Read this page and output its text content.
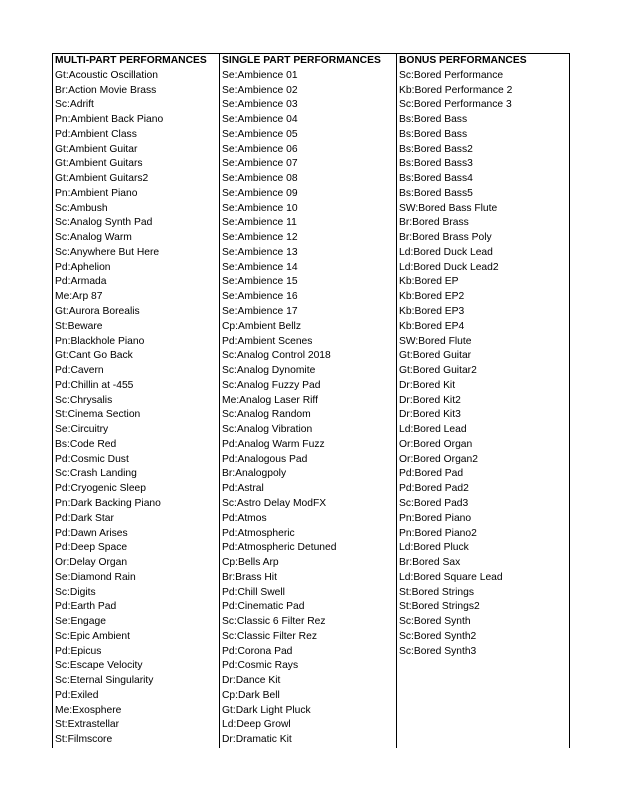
MULTI-PART PERFORMANCES	SINGLE PART PERFORMANCES	BONUS PERFORMANCES
Gt:Acoustic Oscillation	Se:Ambience 01	Sc:Bored Performance
Br:Action Movie Brass	Se:Ambience 02	Kb:Bored Performance 2
Sc:Adrift	Se:Ambience 03	Sc:Bored Performance 3
Pn:Ambient Back Piano	Se:Ambience 04	Bs:Bored Bass
Pd:Ambient Class	Se:Ambience 05	Bs:Bored Bass
Gt:Ambient Guitar	Se:Ambience 06	Bs:Bored Bass2
Gt:Ambient Guitars	Se:Ambience 07	Bs:Bored Bass3
Gt:Ambient Guitars2	Se:Ambience 08	Bs:Bored Bass4
Pn:Ambient Piano	Se:Ambience 09	Bs:Bored Bass5
Sc:Ambush	Se:Ambience 10	SW:Bored Bass Flute
Sc:Analog Synth Pad	Se:Ambience 11	Br:Bored Brass
Sc:Analog Warm	Se:Ambience 12	Br:Bored Brass Poly
Sc:Anywhere But Here	Se:Ambience 13	Ld:Bored Duck Lead
Pd:Aphelion	Se:Ambience 14	Ld:Bored Duck Lead2
Pd:Armada	Se:Ambience 15	Kb:Bored EP
Me:Arp 87	Se:Ambience 16	Kb:Bored EP2
Gt:Aurora Borealis	Se:Ambience 17	Kb:Bored EP3
St:Beware	Cp:Ambient Bellz	Kb:Bored EP4
Pn:Blackhole Piano	Pd:Ambient Scenes	SW:Bored Flute
Gt:Cant Go Back	Sc:Analog Control 2018	Gt:Bored Guitar
Pd:Cavern	Sc:Analog Dynomite	Gt:Bored Guitar2
Pd:Chillin at -455	Sc:Analog Fuzzy Pad	Dr:Bored Kit
Sc:Chrysalis	Me:Analog Laser Riff	Dr:Bored Kit2
St:Cinema Section	Sc:Analog Random	Dr:Bored Kit3
Se:Circuitry	Sc:Analog Vibration	Ld:Bored Lead
Bs:Code Red	Pd:Analog Warm Fuzz	Or:Bored Organ
Pd:Cosmic Dust	Pd:Analogous Pad	Or:Bored Organ2
Sc:Crash Landing	Br:Analogpoly	Pd:Bored Pad
Pd:Cryogenic Sleep	Pd:Astral	Pd:Bored Pad2
Pn:Dark Backing Piano	Sc:Astro Delay ModFX	Sc:Bored Pad3
Pd:Dark Star	Pd:Atmos	Pn:Bored Piano
Pd:Dawn Arises	Pd:Atmospheric	Pn:Bored Piano2
Pd:Deep Space	Pd:Atmospheric Detuned	Ld:Bored Pluck
Or:Delay Organ	Cp:Bells Arp	Br:Bored Sax
Se:Diamond Rain	Br:Brass Hit	Ld:Bored Square Lead
Sc:Digits	Pd:Chill Swell	St:Bored Strings
Pd:Earth Pad	Pd:Cinematic Pad	St:Bored Strings2
Se:Engage	Sc:Classic 6 Filter Rez	Sc:Bored Synth
Sc:Epic Ambient	Sc:Classic Filter Rez	Sc:Bored Synth2
Pd:Epicus	Pd:Corona Pad	Sc:Bored Synth3
Sc:Escape Velocity	Pd:Cosmic Rays
Sc:Eternal Singularity	Dr:Dance Kit
Pd:Exiled	Cp:Dark Bell
Me:Exosphere	Gt:Dark Light Pluck
St:Extrastellar	Ld:Deep Growl
St:Filmscore	Dr:Dramatic Kit
